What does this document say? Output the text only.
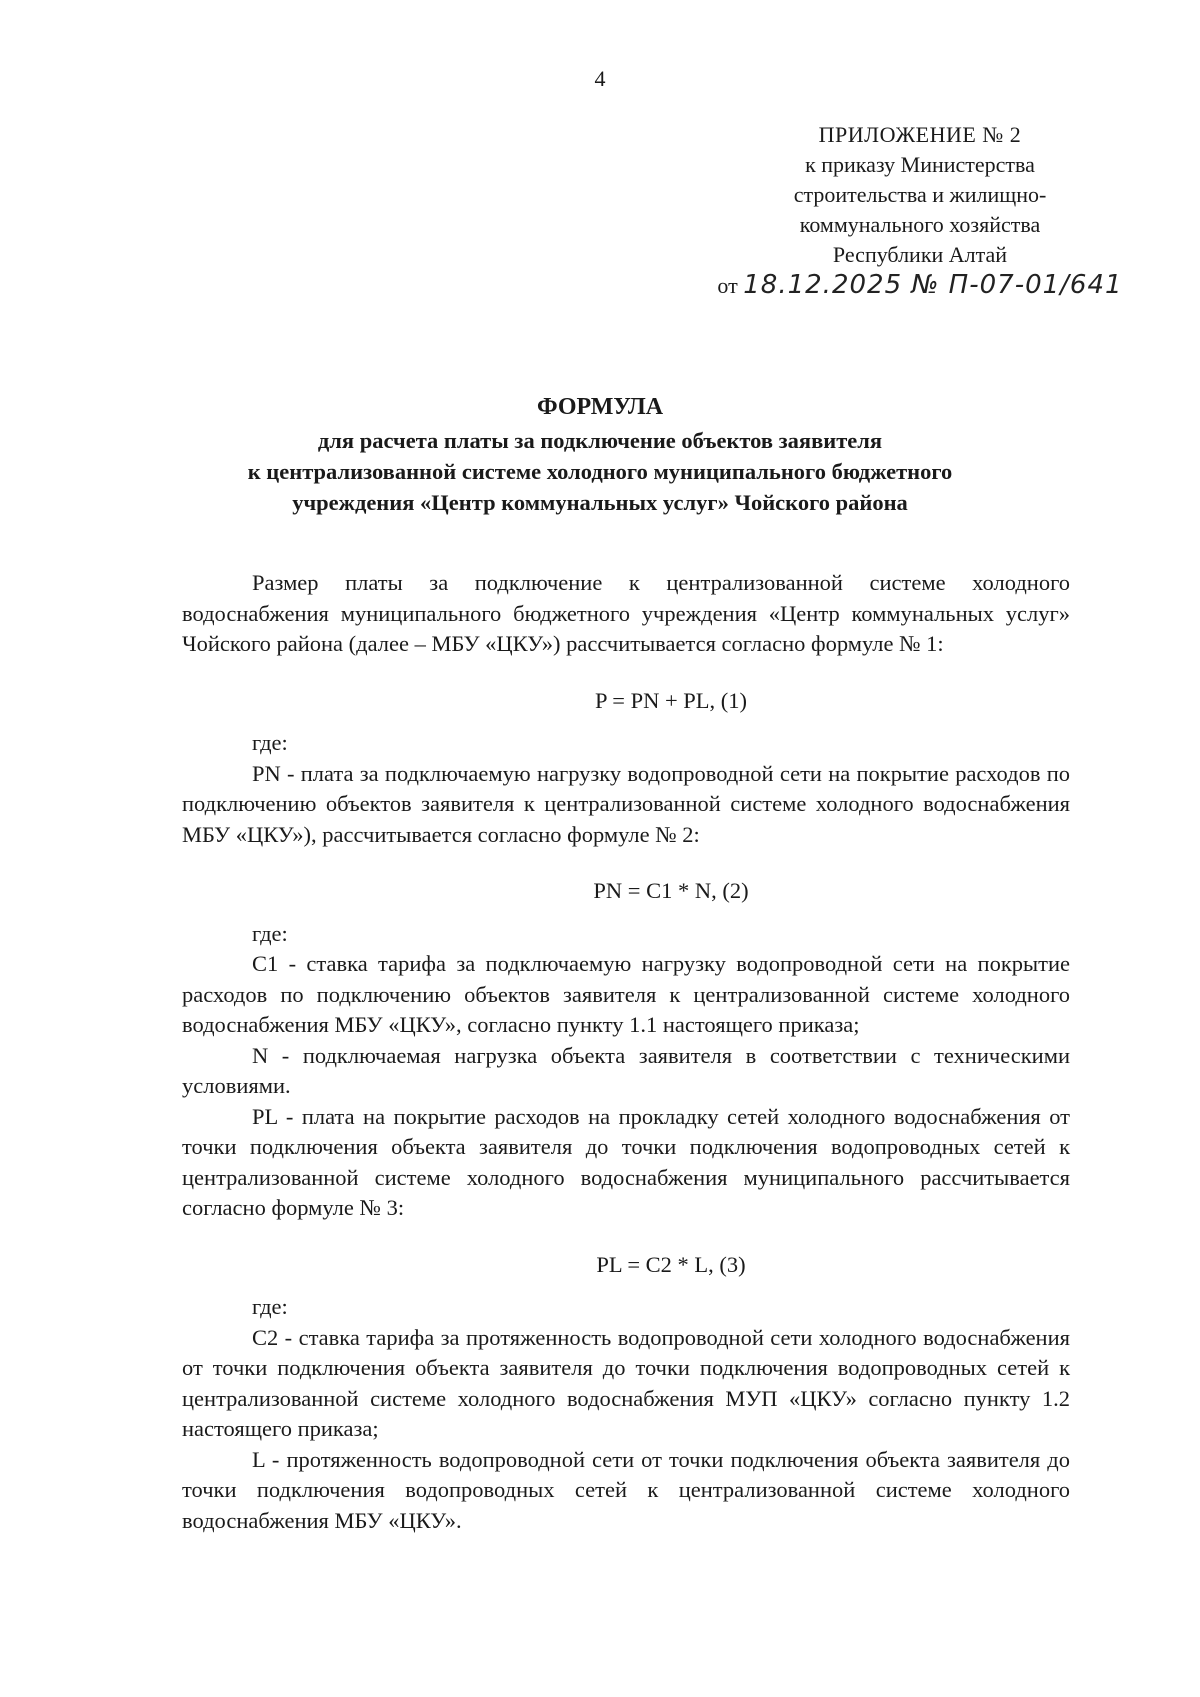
4
ПРИЛОЖЕНИЕ № 2
к приказу Министерства
строительства и жилищно-
коммунального хозяйства
Республики Алтай
от 18.12.2025 № П-07-01/641
ФОРМУЛА
для расчета платы за подключение объектов заявителя
к централизованной системе холодного муниципального бюджетного
учреждения «Центр коммунальных услуг» Чойского района

Размер платы за подключение к централизованной системе холодного водоснабжения муниципального бюджетного учреждения «Центр коммунальных услуг» Чойского района (далее – МБУ «ЦКУ») рассчитывается согласно формуле № 1:

P = PN + PL, (1)

где:

PN - плата за подключаемую нагрузку водопроводной сети на покрытие расходов по подключению объектов заявителя к централизованной системе холодного водоснабжения МБУ «ЦКУ»), рассчитывается согласно формуле № 2:

PN = C1 * N, (2)

где:

C1 - ставка тарифа за подключаемую нагрузку водопроводной сети на покрытие расходов по подключению объектов заявителя к централизованной системе холодного водоснабжения МБУ «ЦКУ», согласно пункту 1.1 настоящего приказа;

N - подключаемая нагрузка объекта заявителя в соответствии с техническими условиями.

PL - плата на покрытие расходов на прокладку сетей холодного водоснабжения от точки подключения объекта заявителя до точки подключения водопроводных сетей к централизованной системе холодного водоснабжения муниципального рассчитывается согласно формуле № 3:

PL = C2 * L, (3)

где:

C2 - ставка тарифа за протяженность водопроводной сети холодного водоснабжения от точки подключения объекта заявителя до точки подключения водопроводных сетей к централизованной системе холодного водоснабжения МУП «ЦКУ» согласно пункту 1.2 настоящего приказа;

L - протяженность водопроводной сети от точки подключения объекта заявителя до точки подключения водопроводных сетей к централизованной системе холодного водоснабжения МБУ «ЦКУ».
